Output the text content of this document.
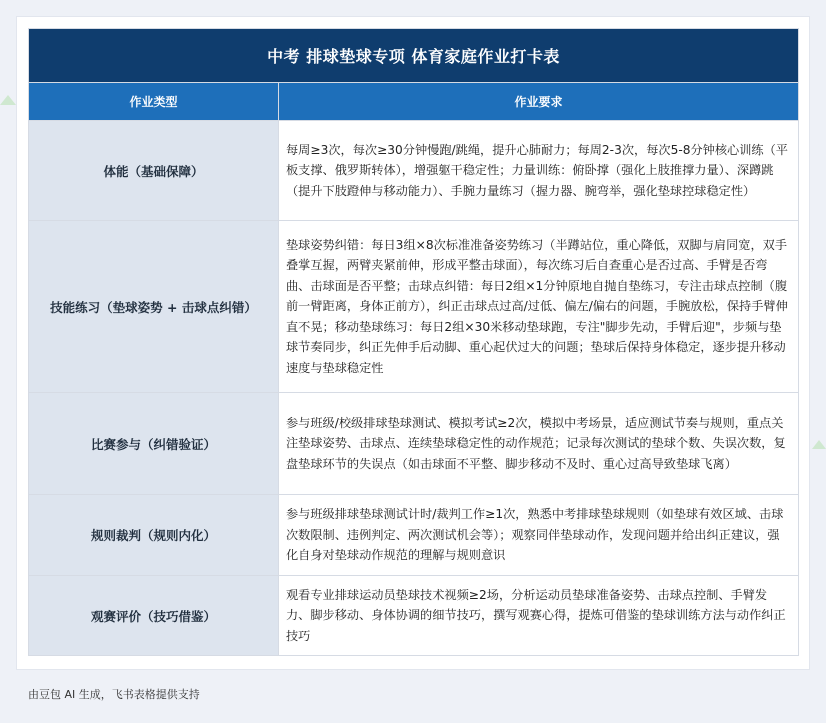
中考 排球垫球专项 体育家庭作业打卡表	
作业类型	作业要求
体能（基础保障）	每周≥3次，每次≥30分钟慢跑/跳绳，提升心肺耐力；每周2-3次，每次5-8分钟核心训练（平板支撑、俄罗斯转体），增强躯干稳定性；力量训练：俯卧撑（强化上肢推撑力量）、深蹲跳（提升下肢蹬伸与移动能力）、手腕力量练习（握力器、腕弯举，强化垫球控球稳定性）
技能练习（垫球姿势 + 击球点纠错）	垫球姿势纠错：每日3组×8次标准准备姿势练习（半蹲站位，重心降低，双脚与肩同宽，双手叠掌互握，两臂夹紧前伸，形成平整击球面），每次练习后自查重心是否过高、手臂是否弯曲、击球面是否平整；击球点纠错：每日2组×1分钟原地自抛自垫练习，专注击球点控制（腹前一臂距离，身体正前方），纠正击球点过高/过低、偏左/偏右的问题，手腕放松，保持手臂伸直不晃；移动垫球练习：每日2组×30米移动垫球跑，专注"脚步先动，手臂后迎"，步频与垫球节奏同步，纠正先伸手后动脚、重心起伏过大的问题；垫球后保持身体稳定，逐步提升移动速度与垫球稳定性
比赛参与（纠错验证）	参与班级/校级排球垫球测试、模拟考试≥2次，模拟中考场景，适应测试节奏与规则，重点关注垫球姿势、击球点、连续垫球稳定性的动作规范；记录每次测试的垫球个数、失误次数，复盘垫球环节的失误点（如击球面不平整、脚步移动不及时、重心过高导致垫球飞离）
规则裁判（规则内化）	参与班级排球垫球测试计时/裁判工作≥1次，熟悉中考排球垫球规则（如垫球有效区域、击球次数限制、违例判定、两次测试机会等）；观察同伴垫球动作，发现问题并给出纠正建议，强化自身对垫球动作规范的理解与规则意识
观赛评价（技巧借鉴）	观看专业排球运动员垫球技术视频≥2场，分析运动员垫球准备姿势、击球点控制、手臂发力、脚步移动、身体协调的细节技巧，撰写观赛心得，提炼可借鉴的垫球训练方法与动作纠正技巧
由豆包 AI 生成，飞书表格提供支持
